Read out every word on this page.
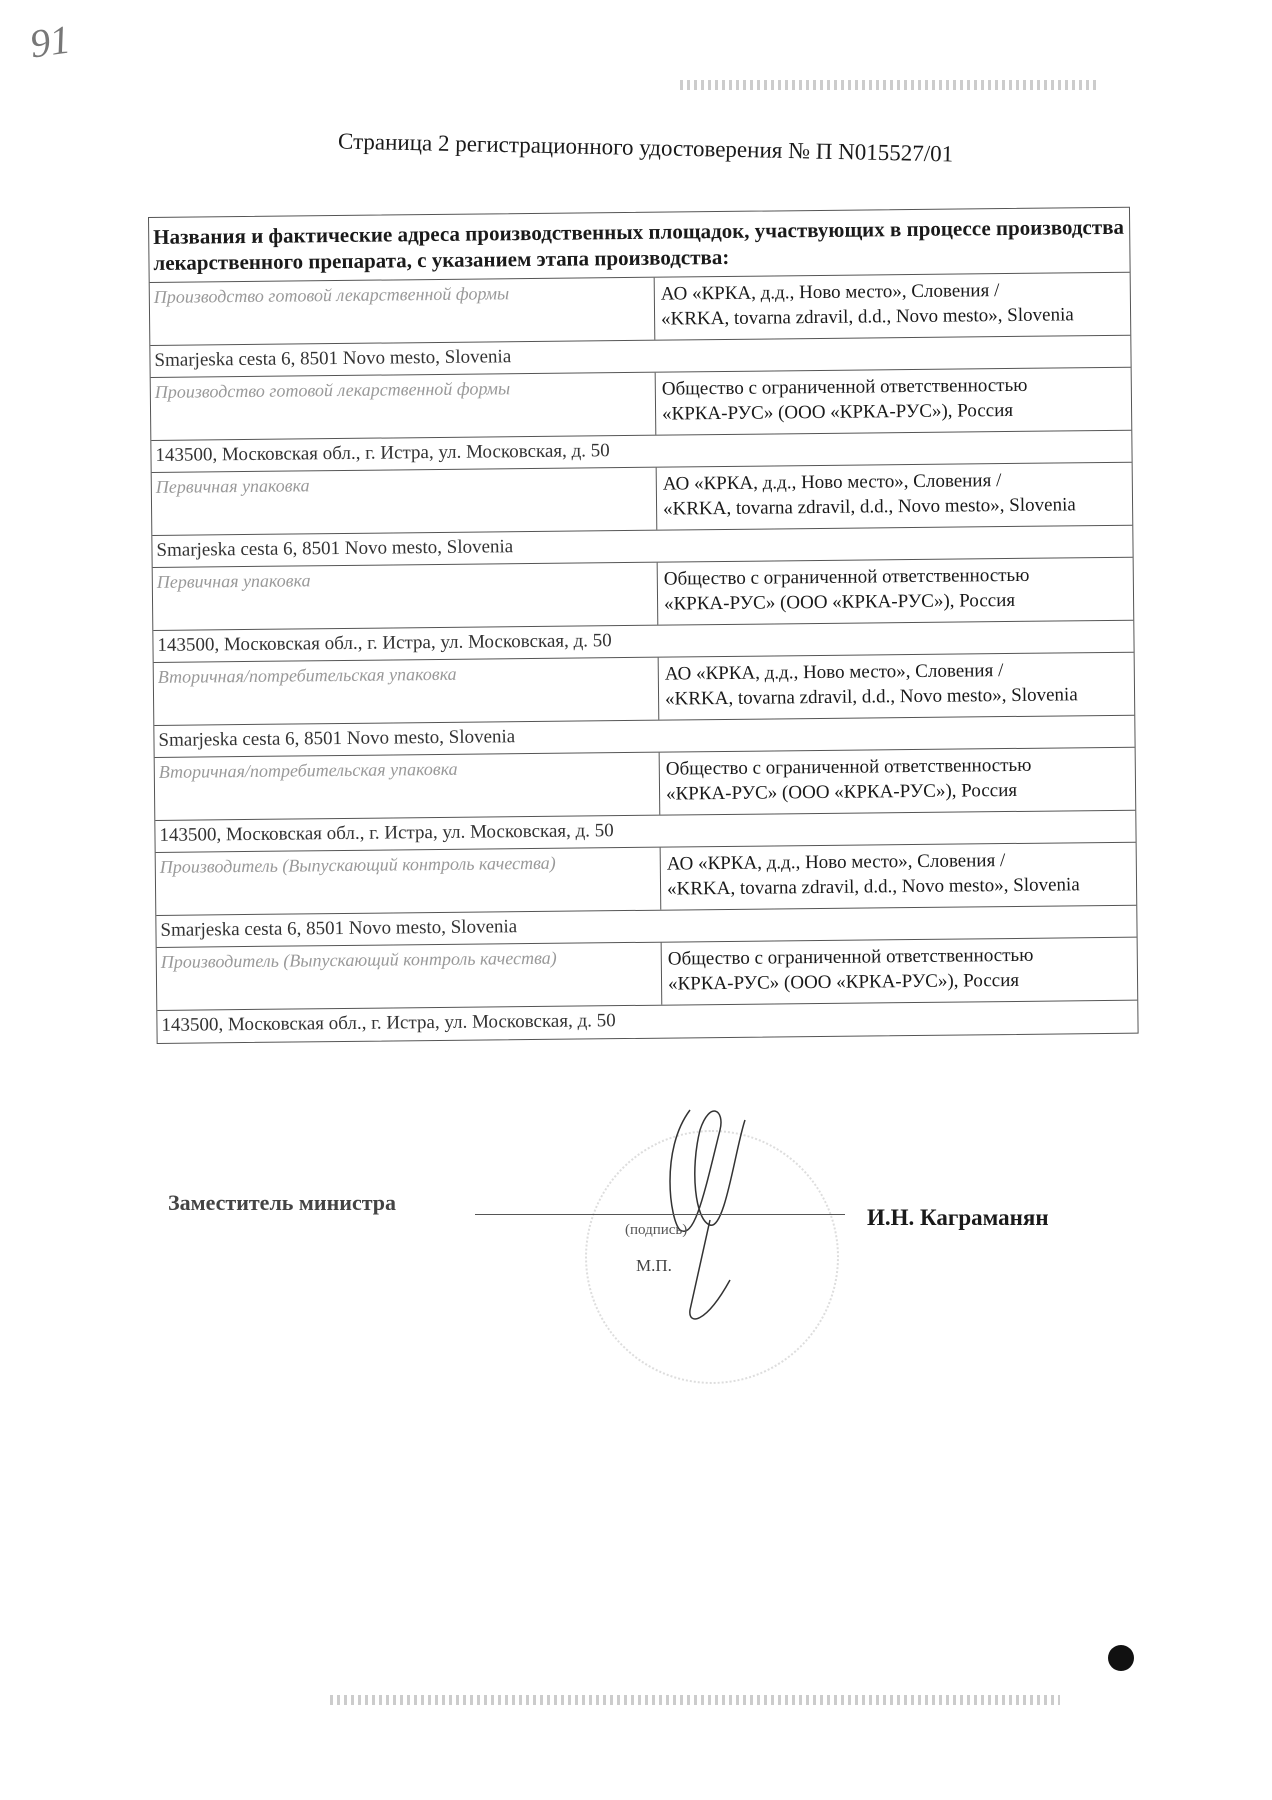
91
Страница 2 регистрационного удостоверения № П N015527/01
Названия и фактические адреса производственных площадок, участвующих в процессе производства лекарственного препарата, с указанием этапа производства:
Производство готовой лекарственной формы	АО «КРКА, д.д., Ново место», Словения /
«KRKA, tovarna zdravil, d.d., Novo mesto», Slovenia
Smarjeska cesta 6, 8501 Novo mesto, Slovenia
Производство готовой лекарственной формы	Общество с ограниченной ответственностью
«КРКА-РУС» (ООО «КРКА-РУС»), Россия
143500, Московская обл., г. Истра, ул. Московская, д. 50
Первичная упаковка	АО «КРКА, д.д., Ново место», Словения /
«KRKA, tovarna zdravil, d.d., Novo mesto», Slovenia
Smarjeska cesta 6, 8501 Novo mesto, Slovenia
Первичная упаковка	Общество с ограниченной ответственностью
«КРКА-РУС» (ООО «КРКА-РУС»), Россия
143500, Московская обл., г. Истра, ул. Московская, д. 50
Вторичная/потребительская упаковка	АО «КРКА, д.д., Ново место», Словения /
«KRKA, tovarna zdravil, d.d., Novo mesto», Slovenia
Smarjeska cesta 6, 8501 Novo mesto, Slovenia
Вторичная/потребительская упаковка	Общество с ограниченной ответственностью
«КРКА-РУС» (ООО «КРКА-РУС»), Россия
143500, Московская обл., г. Истра, ул. Московская, д. 50
Производитель (Выпускающий контроль качества)	АО «КРКА, д.д., Ново место», Словения /
«KRKA, tovarna zdravil, d.d., Novo mesto», Slovenia
Smarjeska cesta 6, 8501 Novo mesto, Slovenia
Производитель (Выпускающий контроль качества)	Общество с ограниченной ответственностью
«КРКА-РУС» (ООО «КРКА-РУС»), Россия
143500, Московская обл., г. Истра, ул. Московская, д. 50
Заместитель министра
(подпись)
М.П.
И.Н. Каграманян
